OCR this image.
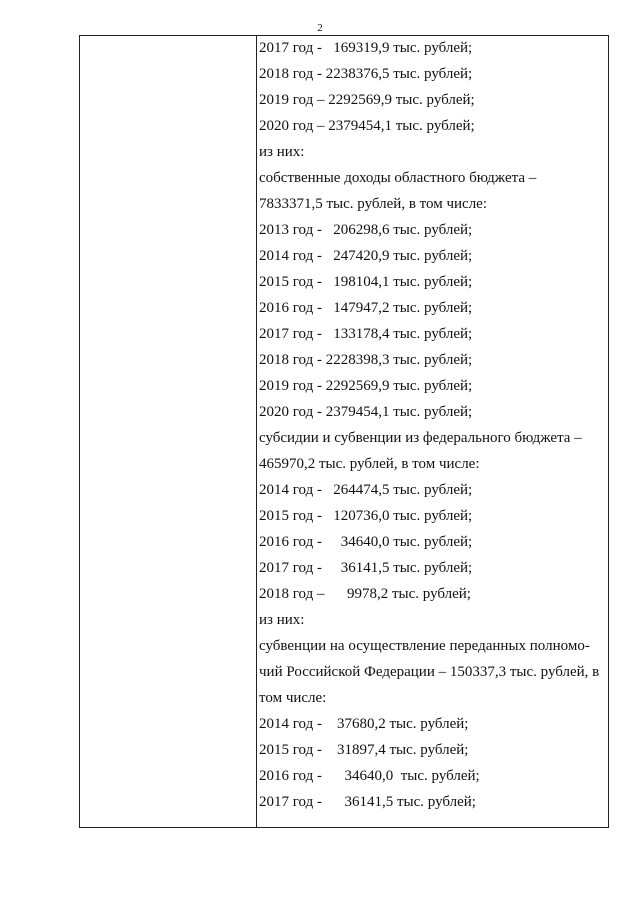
2
2017 год -   169319,9 тыс. рублей;
2018 год - 2238376,5 тыс. рублей;
2019 год – 2292569,9 тыс. рублей;
2020 год – 2379454,1 тыс. рублей;
из них:
собственные доходы областного бюджета –
7833371,5 тыс. рублей, в том числе:
2013 год -   206298,6 тыс. рублей;
2014 год -   247420,9 тыс. рублей;
2015 год -   198104,1 тыс. рублей;
2016 год -   147947,2 тыс. рублей;
2017 год -   133178,4 тыс. рублей;
2018 год - 2228398,3 тыс. рублей;
2019 год - 2292569,9 тыс. рублей;
2020 год - 2379454,1 тыс. рублей;
субсидии и субвенции из федерального бюджета –
465970,2 тыс. рублей, в том числе:
2014 год -   264474,5 тыс. рублей;
2015 год -   120736,0 тыс. рублей;
2016 год -     34640,0 тыс. рублей;
2017 год -     36141,5 тыс. рублей;
2018 год –      9978,2 тыс. рублей;
из них:
субвенции на осуществление переданных полномо-
чий Российской Федерации – 150337,3 тыс. рублей, в
том числе:
2014 год -    37680,2 тыс. рублей;
2015 год -    31897,4 тыс. рублей;
2016 год -      34640,0  тыс. рублей;
2017 год -      36141,5 тыс. рублей;
